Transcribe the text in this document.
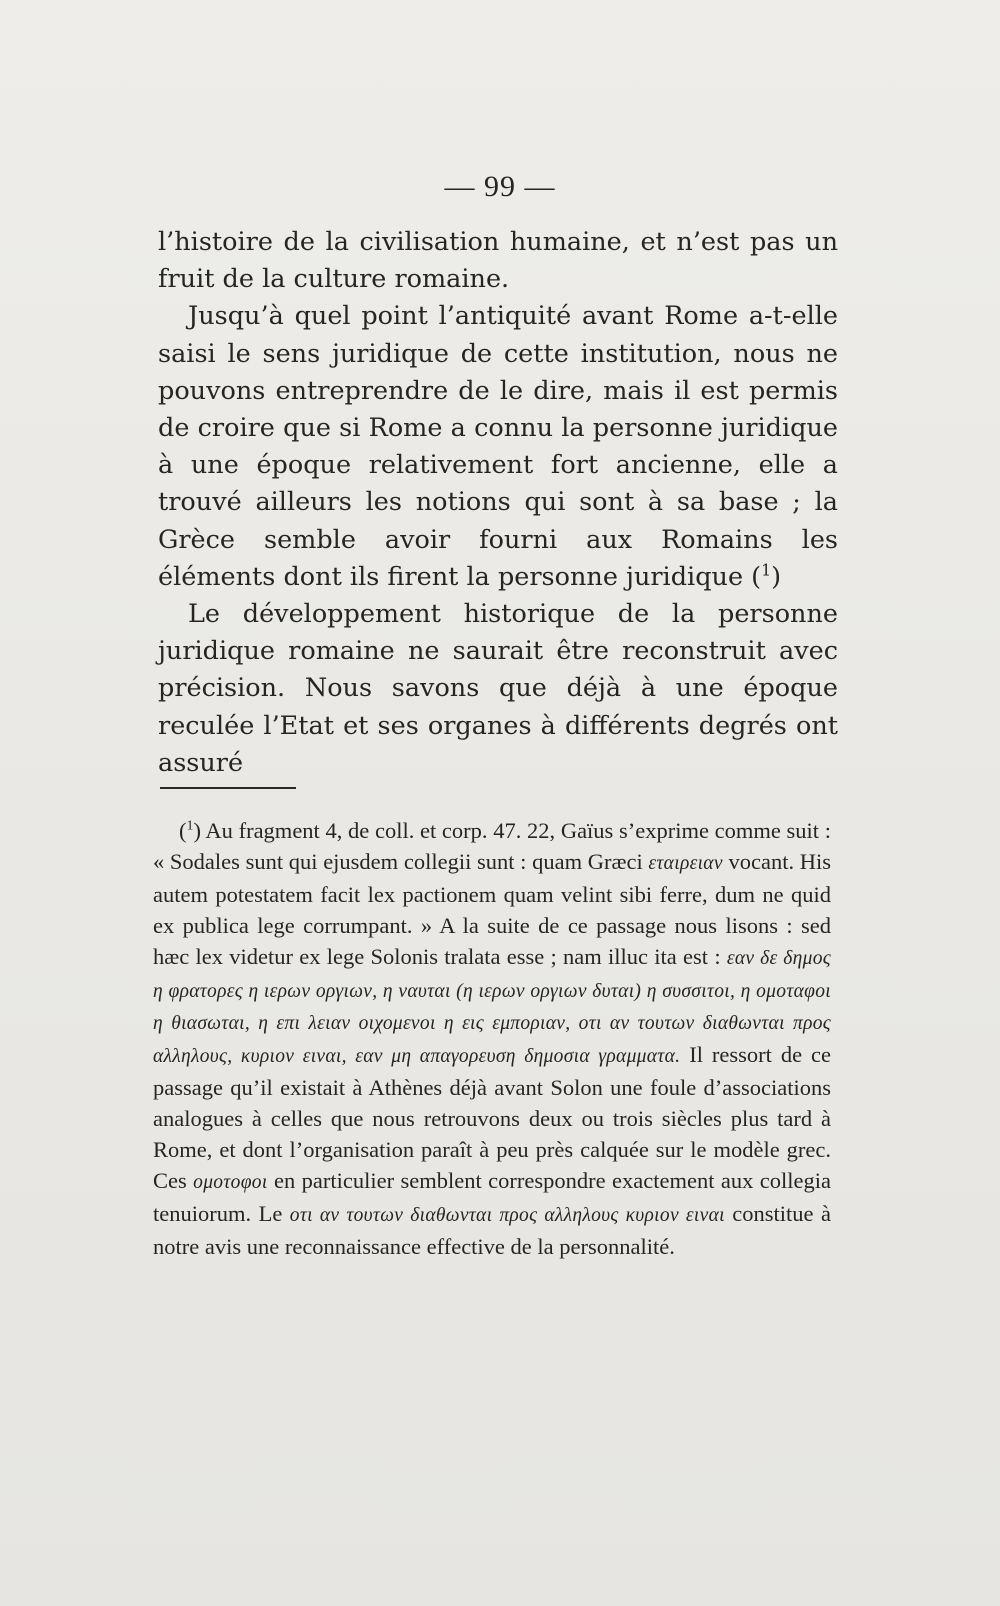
— 99 —

l’histoire de la civilisation humaine, et n’est pas un fruit de la culture romaine.

Jusqu’à quel point l’antiquité avant Rome a-t-elle saisi le sens juridique de cette institution, nous ne pouvons entreprendre de le dire, mais il est permis de croire que si Rome a connu la personne juridique à une époque relativement fort ancienne, elle a trouvé ailleurs les notions qui sont à sa base ; la Grèce semble avoir fourni aux Romains les éléments dont ils firent la personne juridique ($^1$)

Le développement historique de la personne juridique romaine ne saurait être reconstruit avec précision. Nous savons que déjà à une époque reculée l’Etat et ses organes à différents degrés ont assuré

($^1$) Au fragment 4, de coll. et corp. 47. 22, Gaïus s’exprime comme suit : « Sodales sunt qui ejusdem collegii sunt : quam Græci εταιρειαν vocant. His autem potestatem facit lex pactionem quam velint sibi ferre, dum ne quid ex publica lege corrumpant. » A la suite de ce passage nous lisons : sed hæc lex videtur ex lege Solonis tralata esse ; nam illuc ita est : εαν δε δημος η φρατορες η ιερων οργιων, η ναυται (η ιερων οργιων δυται) η συσσιτοι, η ομοταφοι η θιασωται, η επι λειαν οιχομενοι η εις εμποριαν, οτι αν τουτων διαθωνται προς αλληλους, κυριον ειναι, εαν μη απαγορευση δημοσια γραμματα. Il ressort de ce passage qu’il existait à Athènes déjà avant Solon une foule d’associations analogues à celles que nous retrouvons deux ou trois siècles plus tard à Rome, et dont l’organisation paraît à peu près calquée sur le modèle grec. Ces ομοτοφοι en particulier semblent correspondre exactement aux collegia tenuiorum. Le οτι αν τουτων διαθωνται προς αλληλους κυριον ειναι constitue à notre avis une reconnaissance effective de la personnalité.
